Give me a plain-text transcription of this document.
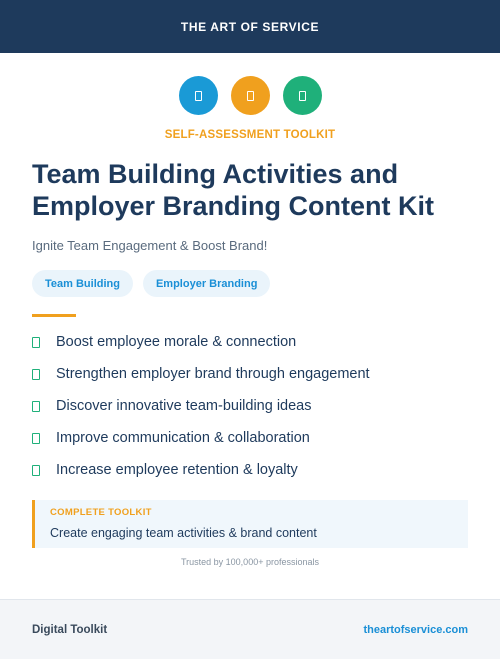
THE ART OF SERVICE
SELF-ASSESSMENT TOOLKIT
Team Building Activities and Employer Branding Content Kit

Ignite Team Engagement & Boost Brand!

Team Building	Employer Branding
Boost employee morale & connection
Strengthen employer brand through engagement
Discover innovative team-building ideas
Improve communication & collaboration
Increase employee retention & loyalty
COMPLETE TOOLKIT
Create engaging team activities & brand content
Trusted by 100,000+ professionals
Digital Toolkit	theartofservice.com
